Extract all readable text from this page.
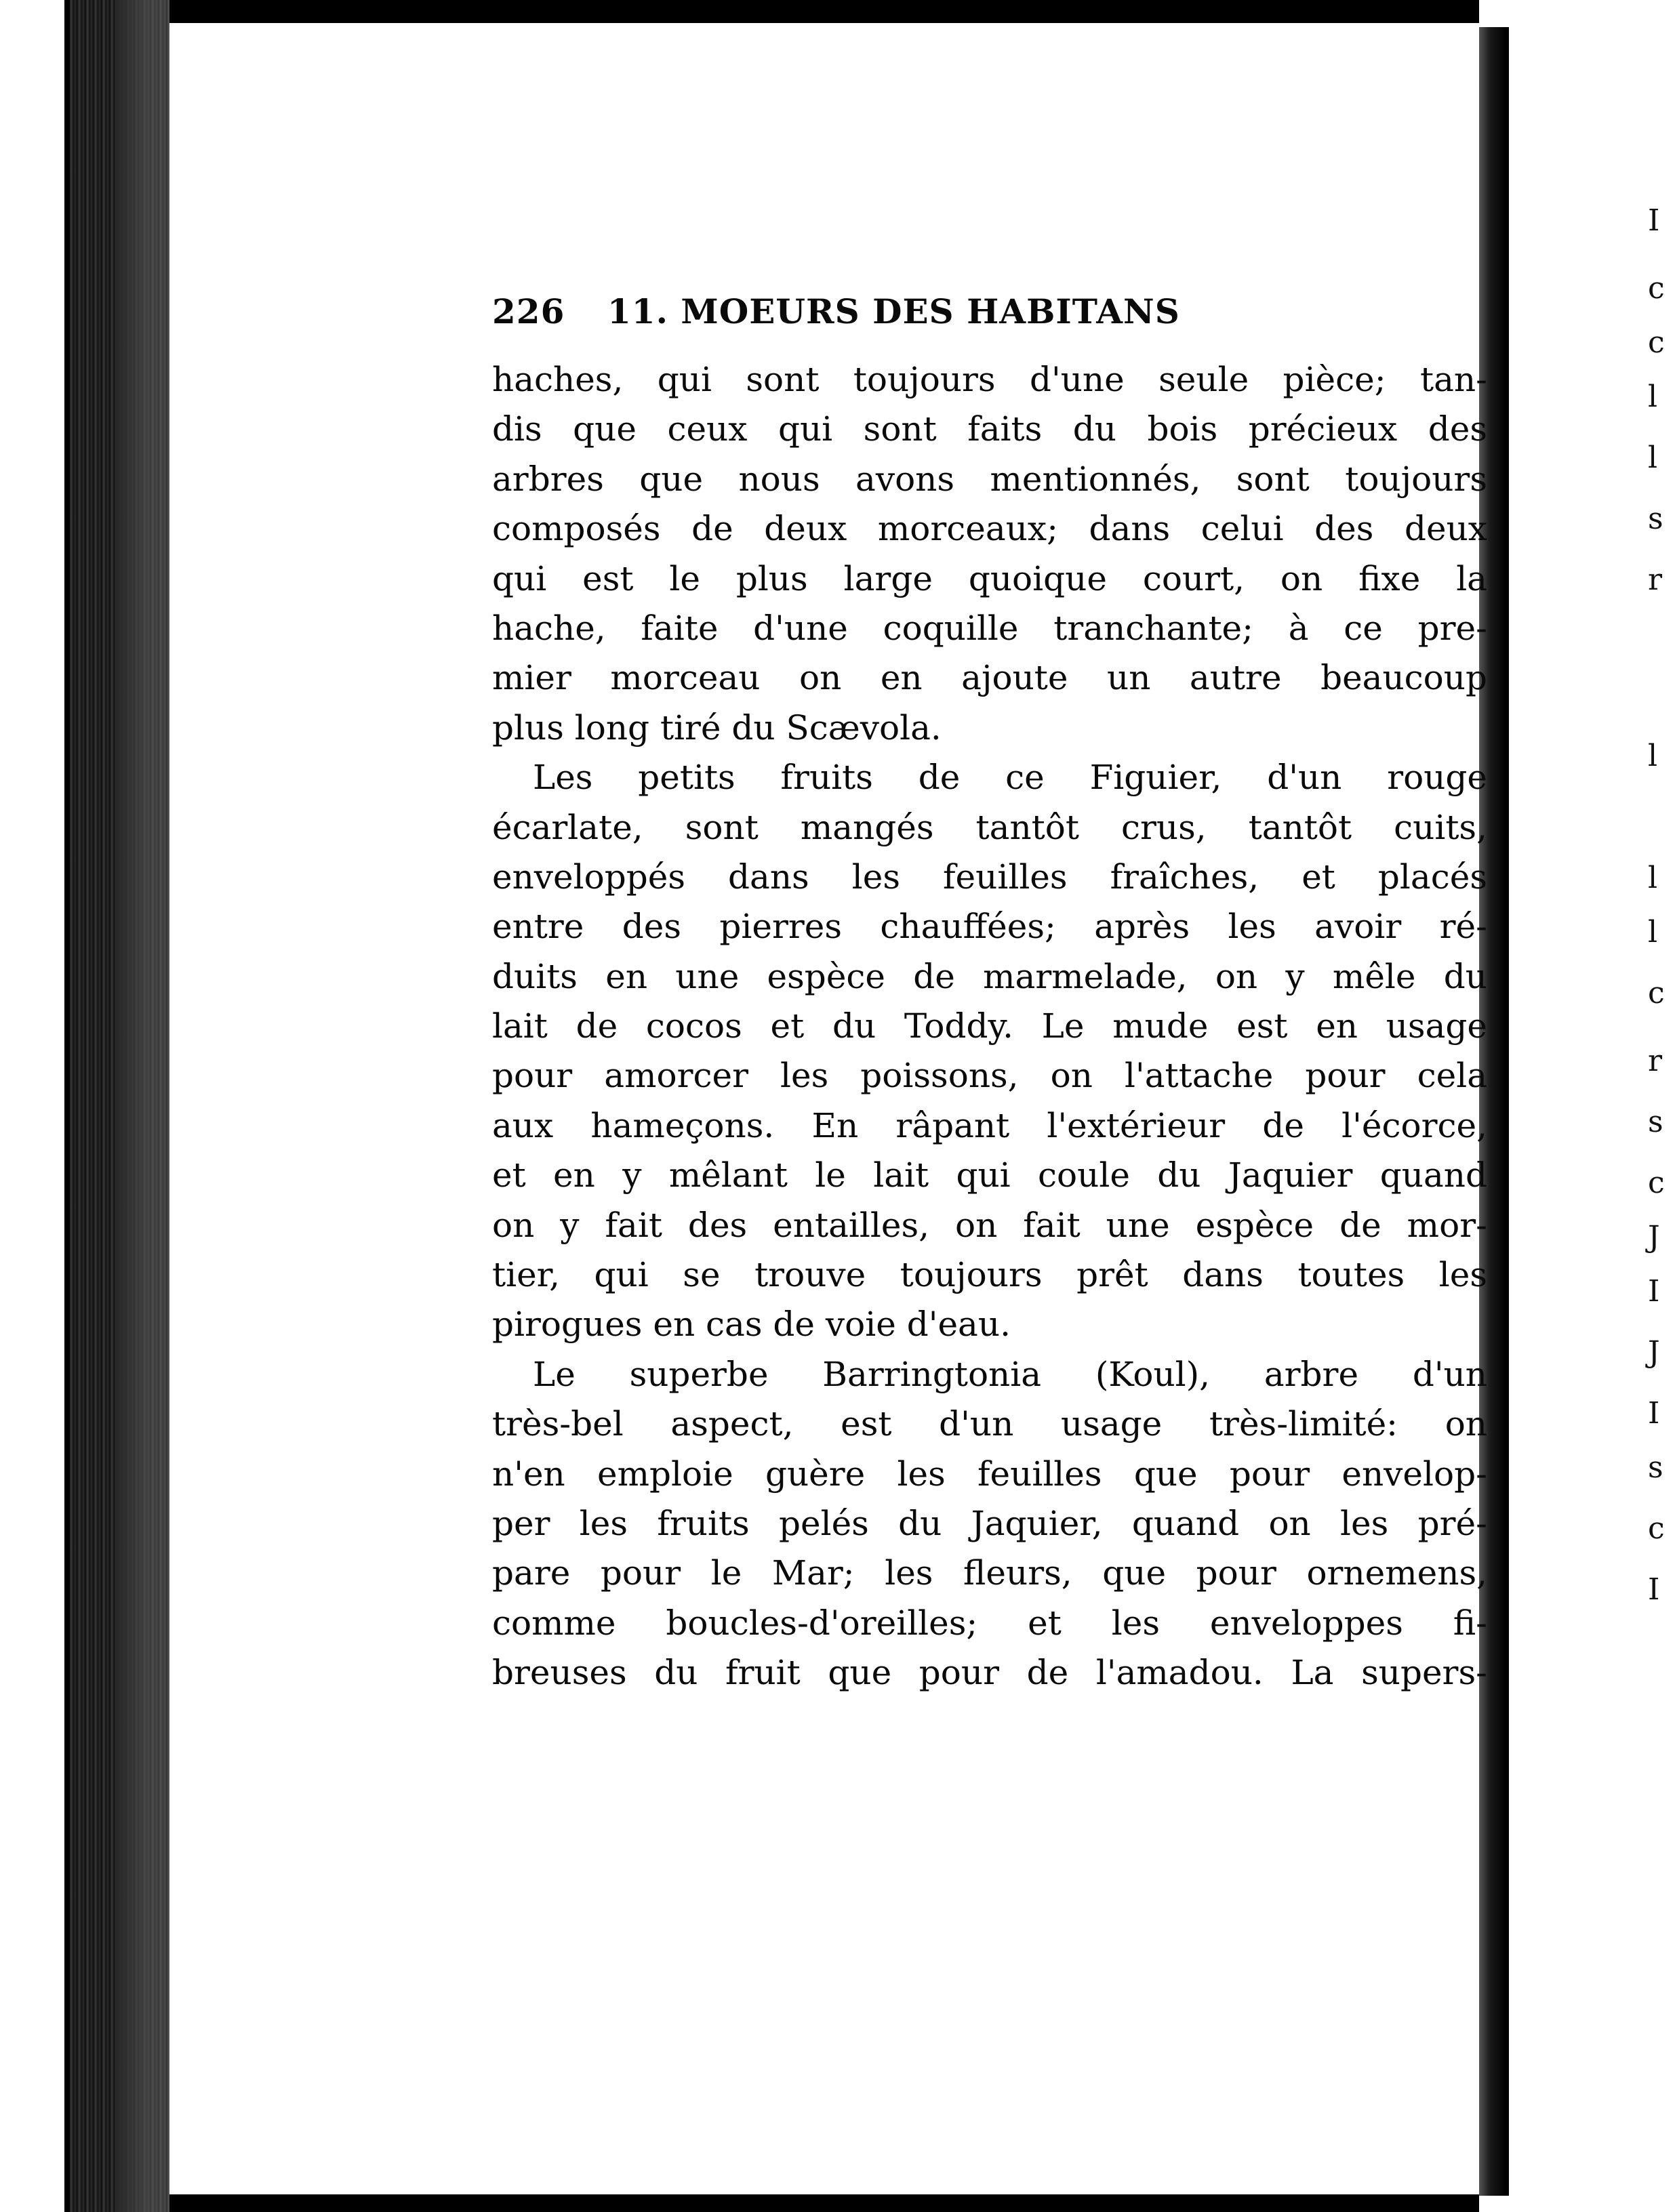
I
c
c
l
l
s
r
l
l
l
c
r
s
c
J
I
J
I
s
c
I
226 11. MOEURS DES HABITANS
haches, qui sont toujours d'une seule pièce; tan-
dis que ceux qui sont faits du bois précieux des
arbres que nous avons mentionnés, sont toujours
composés de deux morceaux; dans celui des deux
qui est le plus large quoique court, on fixe la
hache, faite d'une coquille tranchante; à ce pre-
mier morceau on en ajoute un autre beaucoup
plus long tiré du Scævola.
Les petits fruits de ce Figuier, d'un rouge
écarlate, sont mangés tantôt crus, tantôt cuits,
enveloppés dans les feuilles fraîches, et placés
entre des pierres chauffées; après les avoir ré-
duits en une espèce de marmelade, on y mêle du
lait de cocos et du Toddy. Le mude est en usage
pour amorcer les poissons, on l'attache pour cela
aux hameçons. En râpant l'extérieur de l'écorce,
et en y mêlant le lait qui coule du Jaquier quand
on y fait des entailles, on fait une espèce de mor-
tier, qui se trouve toujours prêt dans toutes les
pirogues en cas de voie d'eau.
Le superbe Barringtonia (Koul), arbre d'un
très-bel aspect, est d'un usage très-limité: on
n'en emploie guère les feuilles que pour envelop-
per les fruits pelés du Jaquier, quand on les pré-
pare pour le Mar; les fleurs, que pour ornemens,
comme boucles-d'oreilles; et les enveloppes fi-
breuses du fruit que pour de l'amadou. La supers-
